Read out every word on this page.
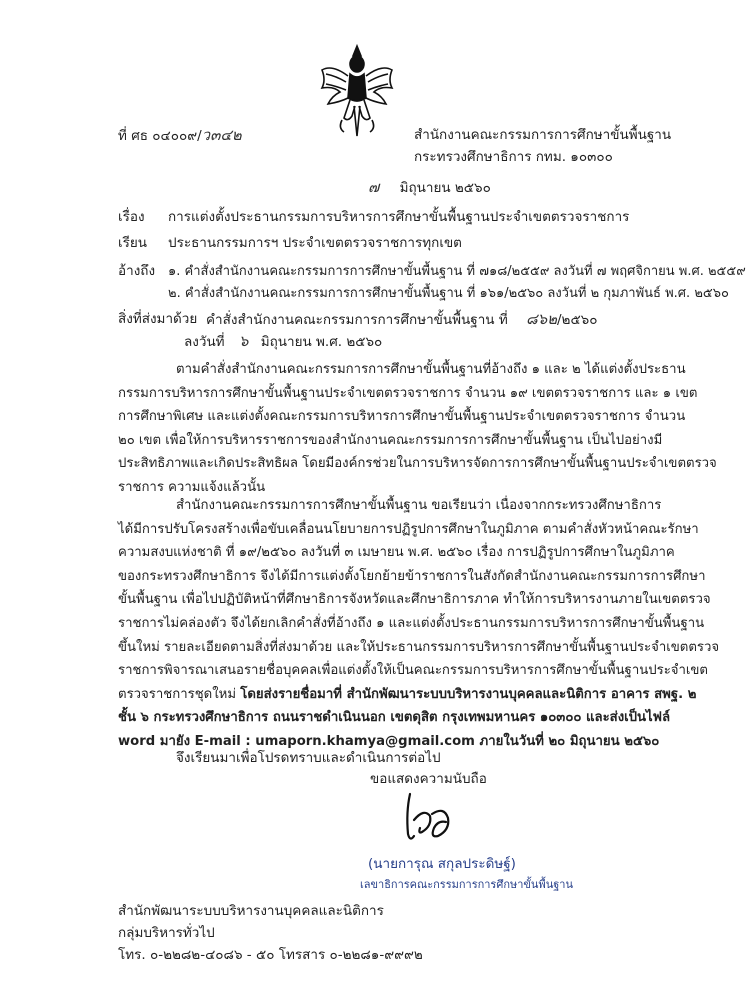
ที่ ศธ ๐๔๐๐๙/ว๓๔๒	สำนักงานคณะกรรมการการศึกษาขั้นพื้นฐาน
กระทรวงศึกษาธิการ กทม. ๑๐๓๐๐
๗ มิถุนายน ๒๕๖๐
เรื่อง การแต่งตั้งประธานกรรมการบริหารการศึกษาขั้นพื้นฐานประจำเขตตรวจราชการ
เรียน ประธานกรรมการฯ ประจำเขตตรวจราชการทุกเขต
อ้างถึง ๑. คำสั่งสำนักงานคณะกรรมการการศึกษาขั้นพื้นฐาน ที่ ๗๑๘/๒๕๕๙ ลงวันที่ ๗ พฤศจิกายน พ.ศ. ๒๕๕๙
๒. คำสั่งสำนักงานคณะกรรมการการศึกษาขั้นพื้นฐาน ที่ ๑๖๑/๒๕๖๐ ลงวันที่ ๒ กุมภาพันธ์ พ.ศ. ๒๕๖๐
สิ่งที่ส่งมาด้วย คำสั่งสำนักงานคณะกรรมการการศึกษาขั้นพื้นฐาน ที่ ๘๖๒/๒๕๖๐
ลงวันที่ ๖ มิถุนายน พ.ศ. ๒๕๖๐
ตามคำสั่งสำนักงานคณะกรรมการการศึกษาขั้นพื้นฐานที่อ้างถึง ๑ และ ๒ ได้แต่งตั้งประธาน
กรรมการบริหารการศึกษาขั้นพื้นฐานประจำเขตตรวจราชการ จำนวน ๑๙ เขตตรวจราชการ และ ๑ เขต
การศึกษาพิเศษ และแต่งตั้งคณะกรรมการบริหารการศึกษาขั้นพื้นฐานประจำเขตตรวจราชการ จำนวน
๒๐ เขต เพื่อให้การบริหารราชการของสำนักงานคณะกรรมการการศึกษาขั้นพื้นฐาน เป็นไปอย่างมี
ประสิทธิภาพและเกิดประสิทธิผล โดยมีองค์กรช่วยในการบริหารจัดการการศึกษาขั้นพื้นฐานประจำเขตตรวจ
ราชการ ความแจ้งแล้วนั้น
สำนักงานคณะกรรมการการศึกษาขั้นพื้นฐาน ขอเรียนว่า เนื่องจากกระทรวงศึกษาธิการ
ได้มีการปรับโครงสร้างเพื่อขับเคลื่อนนโยบายการปฏิรูปการศึกษาในภูมิภาค ตามคำสั่งหัวหน้าคณะรักษา
ความสงบแห่งชาติ ที่ ๑๙/๒๕๖๐ ลงวันที่ ๓ เมษายน พ.ศ. ๒๕๖๐ เรื่อง การปฏิรูปการศึกษาในภูมิภาค
ของกระทรวงศึกษาธิการ จึงได้มีการแต่งตั้งโยกย้ายข้าราชการในสังกัดสำนักงานคณะกรรมการการศึกษา
ขั้นพื้นฐาน เพื่อไปปฏิบัติหน้าที่ศึกษาธิการจังหวัดและศึกษาธิการภาค ทำให้การบริหารงานภายในเขตตรวจ
ราชการไม่คล่องตัว จึงได้ยกเลิกคำสั่งที่อ้างถึง ๑ และแต่งตั้งประธานกรรมการบริหารการศึกษาขั้นพื้นฐาน
ขึ้นใหม่ รายละเอียดตามสิ่งที่ส่งมาด้วย และให้ประธานกรรมการบริหารการศึกษาขั้นพื้นฐานประจำเขตตรวจ
ราชการพิจารณาเสนอรายชื่อบุคคลเพื่อแต่งตั้งให้เป็นคณะกรรมการบริหารการศึกษาขั้นพื้นฐานประจำเขต
ตรวจราชการชุดใหม่ โดยส่งรายชื่อมาที่ สำนักพัฒนาระบบบริหารงานบุคคลและนิติการ อาคาร สพฐ. ๒
ชั้น ๖ กระทรวงศึกษาธิการ ถนนราชดำเนินนอก เขตดุสิต กรุงเทพมหานคร ๑๐๓๐๐ และส่งเป็นไฟล์
word มายัง E-mail : umaporn.khamya@gmail.com ภายในวันที่ ๒๐ มิถุนายน ๒๕๖๐
จึงเรียนมาเพื่อโปรดทราบและดำเนินการต่อไป
ขอแสดงความนับถือ
(นายการุณ สกุลประดิษฐ์)
เลขาธิการคณะกรรมการการศึกษาขั้นพื้นฐาน
สำนักพัฒนาระบบบริหารงานบุคคลและนิติการ
กลุ่มบริหารทั่วไป
โทร. ๐-๒๒๘๒-๔๐๘๖ - ๕๐ โทรสาร ๐-๒๒๘๑-๙๙๙๒
